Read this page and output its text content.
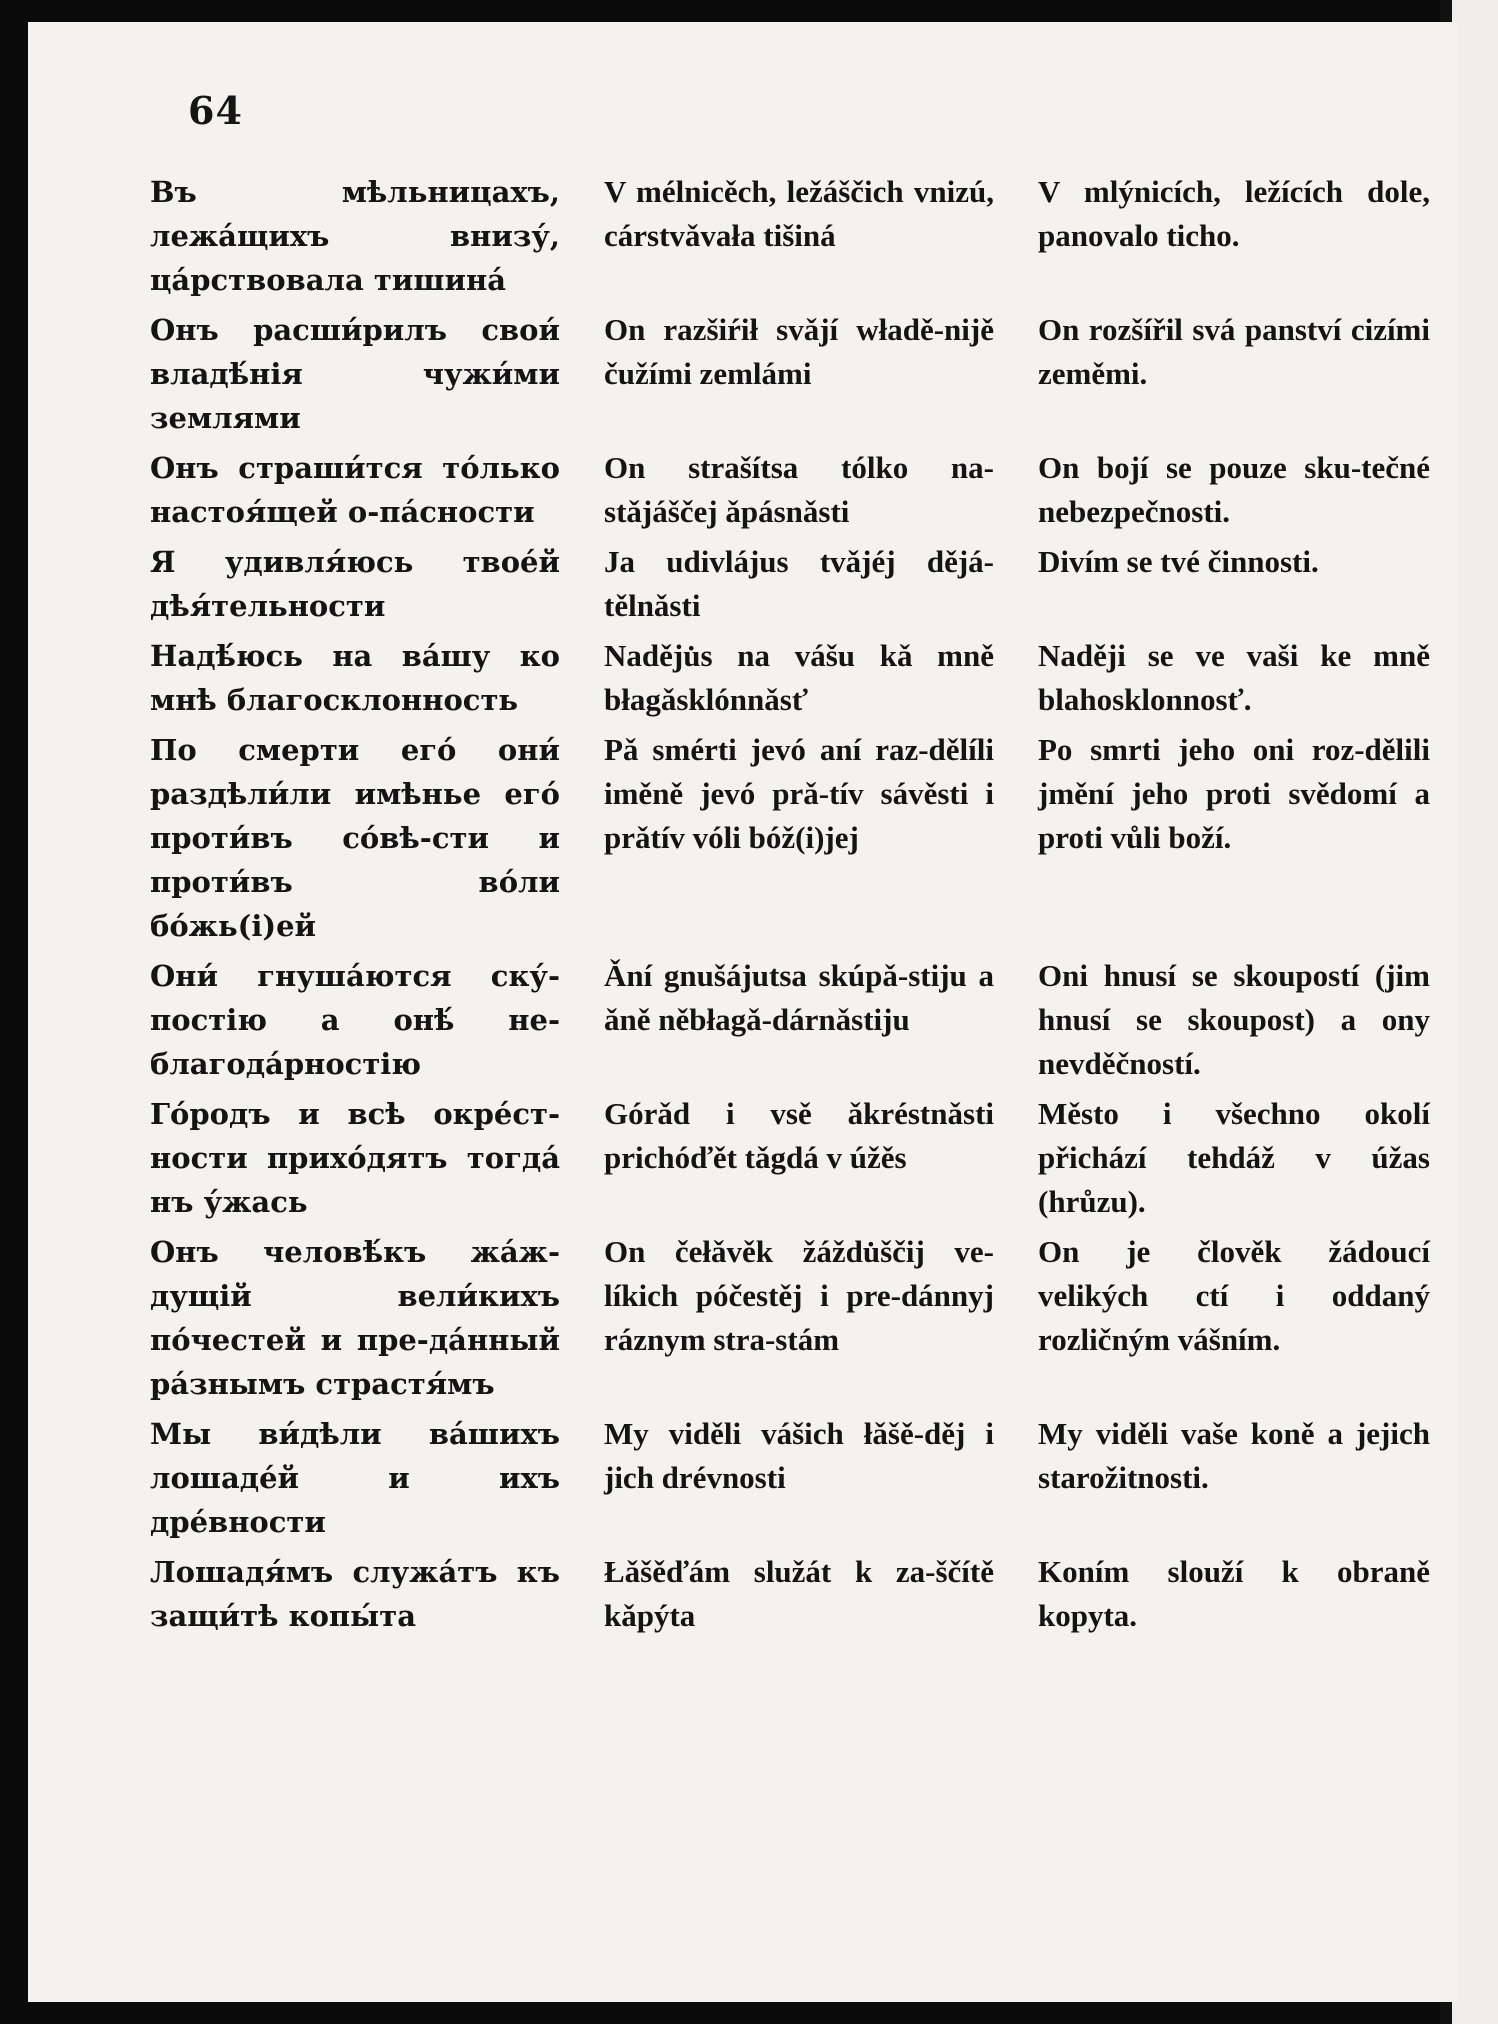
64
Въ мѣльницахъ, лежа́щихъ внизу́, ца́рствовала тишина́
V mélnicěch, ležáščich vnizú, cárstvǎvała tišiná
V mlýnicích, ležících dole, panovalo ticho.
Онъ расши́рилъ свои́ владѣ́нія чужи́ми землями
On razšiŕił svǎjí władě-nijě čužími zemlámi
On rozšířil svá panství cizími zeměmi.
Онъ страши́тся то́лько настоя́щей о-па́сности
On strašítsa tólko na-stǎjáščej ǎpásnǎsti
On bojí se pouze sku-tečné nebezpečnosti.
Я удивля́юсь твое́й дѣя́тельности
Ja udivlájus tvǎjéj dějá-tělnǎsti
Divím se tvé činnosti.
Надѣ́юсь на ва́шу ко мнѣ благосклонность
Naděju̇s na vášu kǎ mně błagǎsklónnǎsť
Naději se ve vaši ke mně blahosklonnosť.
По смерти его́ они́ раздѣли́ли имѣнье его́ проти́въ со́вѣ-сти и проти́въ во́ли бо́жь(і)ей
Pǎ smérti jevó aní raz-dělíli iměně jevó prǎ-tív sávěsti i prǎtív vóli bóž(i)jej
Po smrti jeho oni roz-dělili jmění jeho proti svědomí a proti vůli boží.
Они́ гнуша́ются ску́-постію а онѣ́ не-благода́рностію
Ǎní gnušájutsa skúpǎ-stiju a ǎně něbłagǎ-dárnǎstiju
Oni hnusí se skoupostí (jim hnusí se skoupost) a ony nevděčností.
Го́родъ и всѣ окре́ст-ности прихо́дятъ тогда́ нъ у́жась
Górǎd i vsě ǎkréstnǎsti prichóďět tǎgdá v úžěs
Město i všechno okolí přichází tehdáž v úžas (hrůzu).
Онъ человѣ́къ жа́ж-дущій вели́кихъ по́честей и пре-да́нный ра́знымъ страстя́мъ
On čełǎvěk žáždu̇ščij ve-líkich póčestěj i pre-dánnyj ráznym stra-stám
On je člověk žádoucí velikých ctí i oddaný rozličným vášním.
Мы ви́дѣли ва́шихъ лошаде́й и ихъ дре́вности
My viděli vášich łǎšě-děj i jich drévnosti
My viděli vaše koně a jejich starožitnosti.
Лошадя́мъ служа́тъ къ защи́тѣ копы́та
Łǎšěďám služát k za-ščítě kǎpýta
Koním slouží k obraně kopyta.
